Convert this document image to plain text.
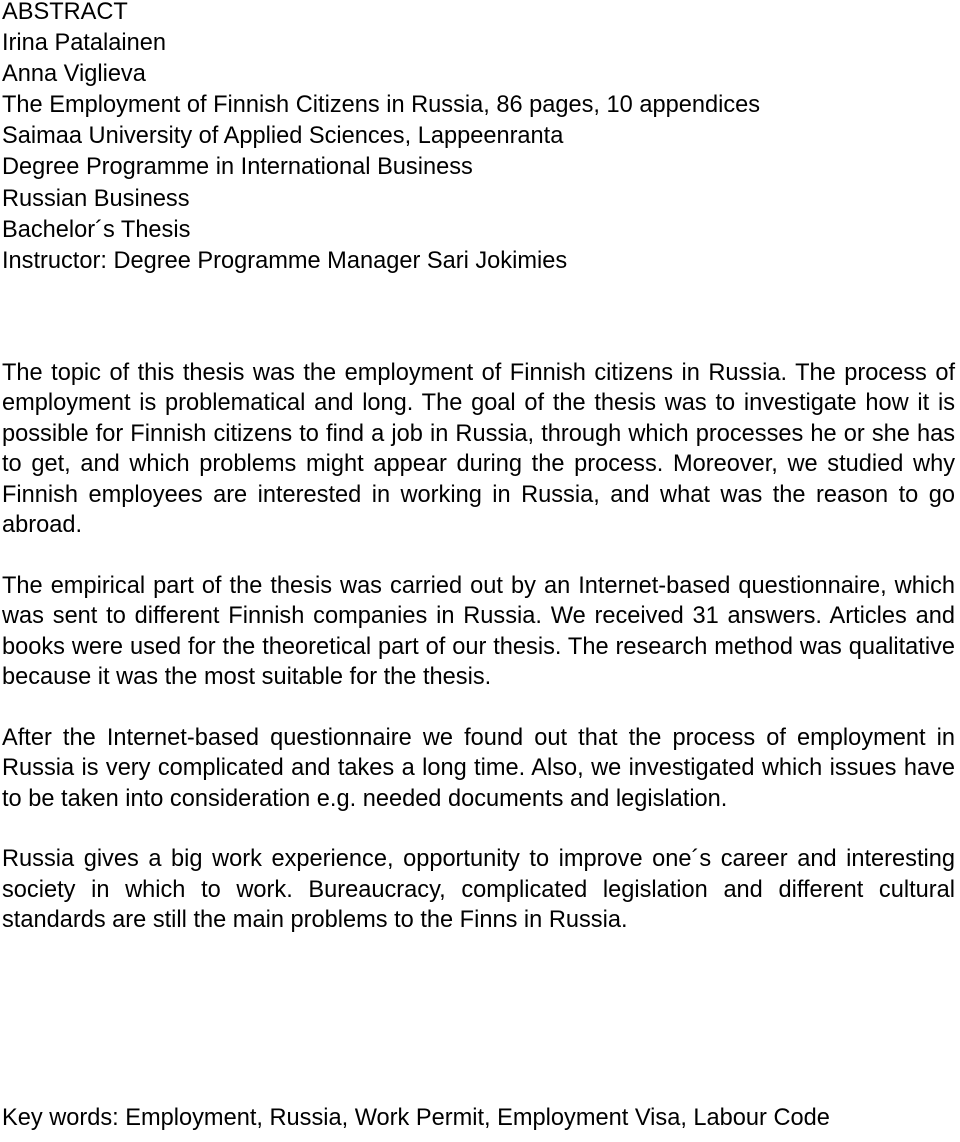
ABSTRACT
Irina Patalainen
Anna Viglieva
The Employment of Finnish Citizens in Russia, 86 pages, 10 appendices
Saimaa University of Applied Sciences, Lappeenranta
Degree Programme in International Business
Russian Business
Bachelor´s Thesis
Instructor: Degree Programme Manager Sari Jokimies

The topic of this thesis was the employment of Finnish citizens in Russia. The process of employment is problematical and long. The goal of the thesis was to investigate how it is possible for Finnish citizens to find a job in Russia, through which processes he or she has to get, and which problems might appear during the process. Moreover, we studied why Finnish employees are interested in working in Russia, and what was the reason to go abroad.

The empirical part of the thesis was carried out by an Internet-based questionnaire, which was sent to different Finnish companies in Russia. We received 31 answers. Articles and books were used for the theoretical part of our thesis. The research method was qualitative because it was the most suitable for the thesis.

After the Internet-based questionnaire we found out that the process of employment in Russia is very complicated and takes a long time. Also, we investigated which issues have to be taken into consideration e.g. needed documents and legislation.

Russia gives a big work experience, opportunity to improve one´s career and interesting society in which to work. Bureaucracy, complicated legislation and different cultural standards are still the main problems to the Finns in Russia.

Key words: Employment, Russia, Work Permit, Employment Visa, Labour Code
